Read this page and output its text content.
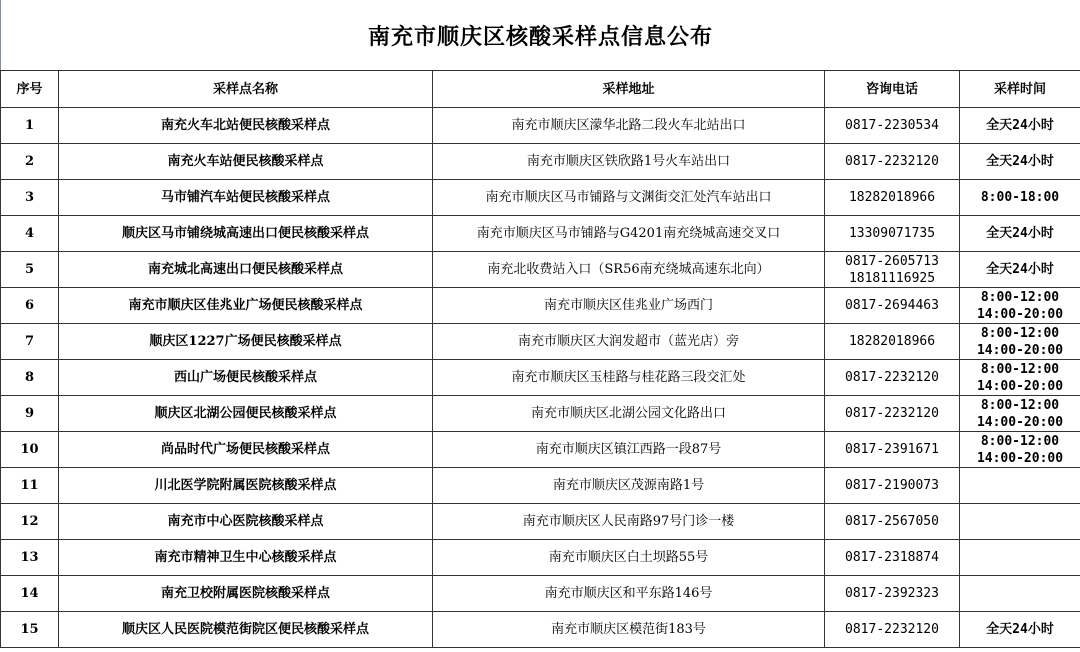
南充市顺庆区核酸采样点信息公布
序号	采样点名称	采样地址	咨询电话	采样时间
1	南充火车北站便民核酸采样点	南充市顺庆区濛华北路二段火车北站出口	0817-2230534	全天24小时

2	南充火车站便民核酸采样点	南充市顺庆区铁欣路1号火车站出口	0817-2232120	全天24小时

3	马市铺汽车站便民核酸采样点	南充市顺庆区马市铺路与文渊街交汇处汽车站出口	18282018966	8:00-18:00

4	顺庆区马市铺绕城高速出口便民核酸采样点	南充市顺庆区马市铺路与G4201南充绕城高速交叉口	13309071735	全天24小时

5	南充城北高速出口便民核酸采样点	南充北收费站入口（SR56南充绕城高速东北向）	0817-2605713
18181116925	全天24小时

6	南充市顺庆区佳兆业广场便民核酸采样点	南充市顺庆区佳兆业广场西门	0817-2694463	8:00-12:00
14:00-20:00

7	顺庆区1227广场便民核酸采样点	南充市顺庆区大润发超市（蓝光店）旁	18282018966	8:00-12:00
14:00-20:00

8	西山广场便民核酸采样点	南充市顺庆区玉桂路与桂花路三段交汇处	0817-2232120	8:00-12:00
14:00-20:00

9	顺庆区北湖公园便民核酸采样点	南充市顺庆区北湖公园文化路出口	0817-2232120	8:00-12:00
14:00-20:00

10	尚品时代广场便民核酸采样点	南充市顺庆区镇江西路一段87号	0817-2391671	8:00-12:00
14:00-20:00

11	川北医学院附属医院核酸采样点	南充市顺庆区茂源南路1号	0817-2190073	

12	南充市中心医院核酸采样点	南充市顺庆区人民南路97号门诊一楼	0817-2567050	

13	南充市精神卫生中心核酸采样点	南充市顺庆区白土坝路55号	0817-2318874	

14	南充卫校附属医院核酸采样点	南充市顺庆区和平东路146号	0817-2392323	

15	顺庆区人民医院模范街院区便民核酸采样点	南充市顺庆区模范街183号	0817-2232120	全天24小时
